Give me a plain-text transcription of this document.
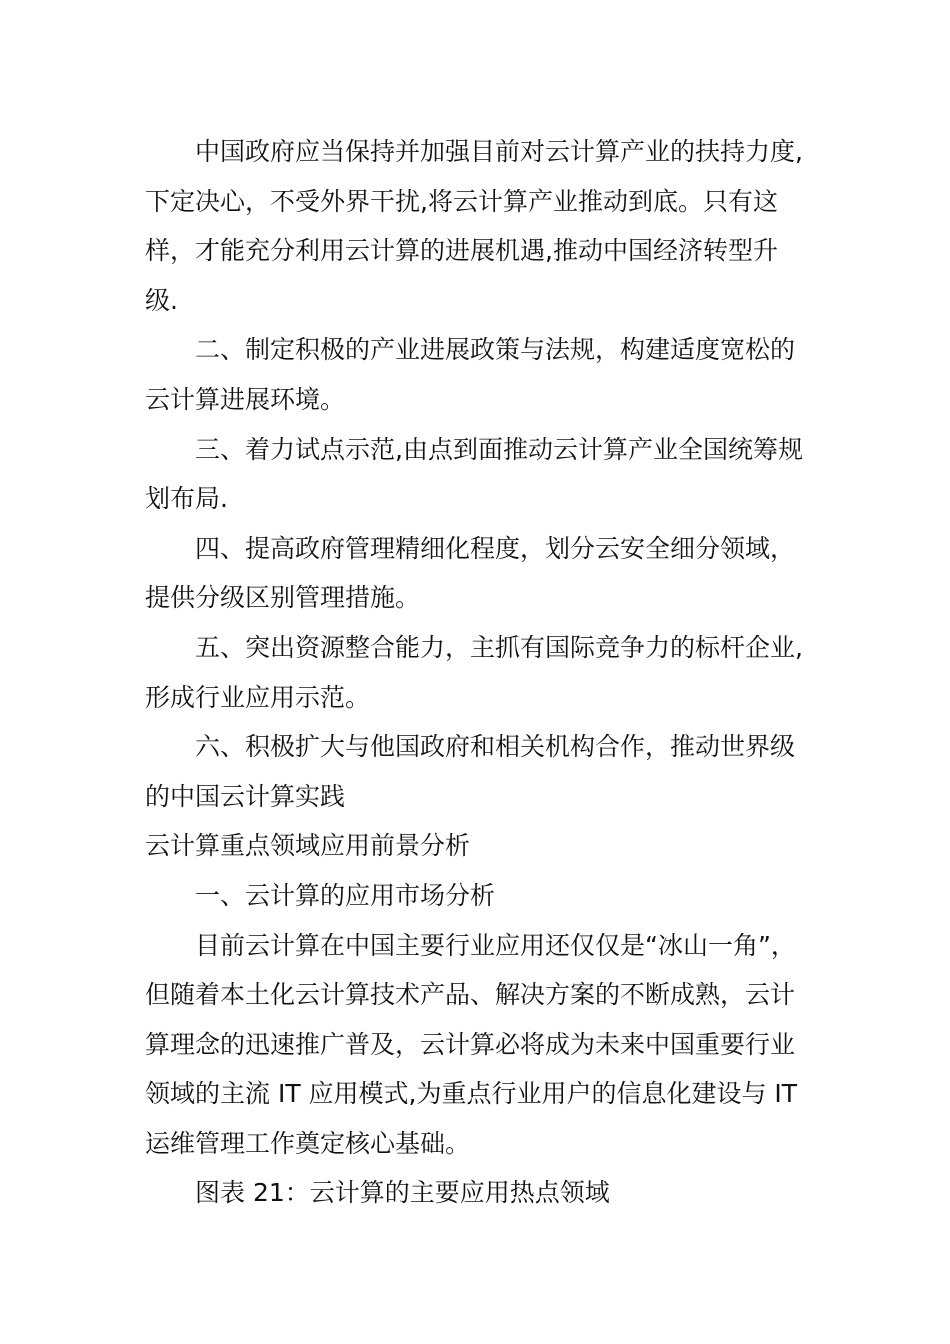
中国政府应当保持并加强目前对云计算产业的扶持力度,下定决心，不受外界干扰,将云计算产业推动到底。只有这样，才能充分利用云计算的进展机遇,推动中国经济转型升级.

二、制定积极的产业进展政策与法规，构建适度宽松的云计算进展环境。

三、着力试点示范,由点到面推动云计算产业全国统筹规划布局.

四、提高政府管理精细化程度，划分云安全细分领域，提供分级区别管理措施。

五、突出资源整合能力，主抓有国际竞争力的标杆企业,形成行业应用示范。

六、积极扩大与他国政府和相关机构合作，推动世界级的中国云计算实践

云计算重点领域应用前景分析

一、云计算的应用市场分析

目前云计算在中国主要行业应用还仅仅是“冰山一角”，但随着本土化云计算技术产品、解决方案的不断成熟，云计算理念的迅速推广普及，云计算必将成为未来中国重要行业领域的主流 IT 应用模式,为重点行业用户的信息化建设与 IT 运维管理工作奠定核心基础。

图表 21：云计算的主要应用热点领域
